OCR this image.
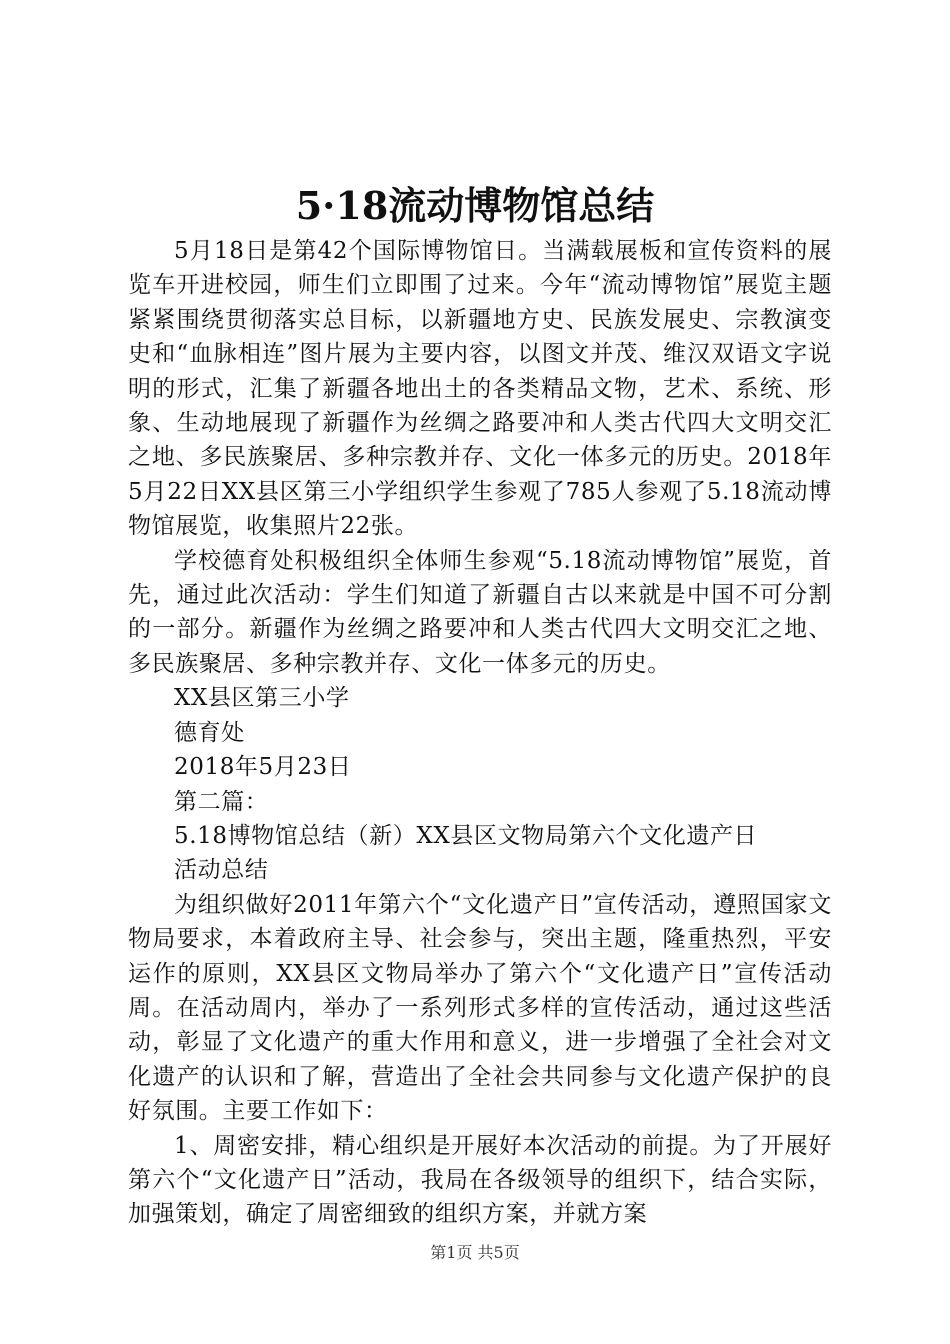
5·18流动博物馆总结

5月18日是第42个国际博物馆日。当满载展板和宣传资料的展览车开进校园，师生们立即围了过来。今年“流动博物馆”展览主题紧紧围绕贯彻落实总目标，以新疆地方史、民族发展史、宗教演变史和“血脉相连”图片展为主要内容，以图文并茂、维汉双语文字说明的形式，汇集了新疆各地出土的各类精品文物，艺术、系统、形象、生动地展现了新疆作为丝绸之路要冲和人类古代四大文明交汇之地、多民族聚居、多种宗教并存、文化一体多元的历史。2018年5月22日XX县区第三小学组织学生参观了785人参观了5.18流动博物馆展览，收集照片22张。

学校德育处积极组织全体师生参观“5.18流动博物馆”展览，首先，通过此次活动：学生们知道了新疆自古以来就是中国不可分割的一部分。新疆作为丝绸之路要冲和人类古代四大文明交汇之地、多民族聚居、多种宗教并存、文化一体多元的历史。

XX县区第三小学

德育处

2018年5月23日

第二篇：

5.18博物馆总结（新）XX县区文物局第六个文化遗产日

活动总结

为组织做好2011年第六个“文化遗产日”宣传活动，遵照国家文物局要求，本着政府主导、社会参与，突出主题，隆重热烈，平安运作的原则，XX县区文物局举办了第六个“文化遗产日”宣传活动周。在活动周内，举办了一系列形式多样的宣传活动，通过这些活动，彰显了文化遗产的重大作用和意义，进一步增强了全社会对文化遗产的认识和了解，营造出了全社会共同参与文化遗产保护的良好氛围。主要工作如下：

1、周密安排，精心组织是开展好本次活动的前提。为了开展好第六个“文化遗产日”活动，我局在各级领导的组织下，结合实际，加强策划，确定了周密细致的组织方案，并就方案

第1页 共5页
